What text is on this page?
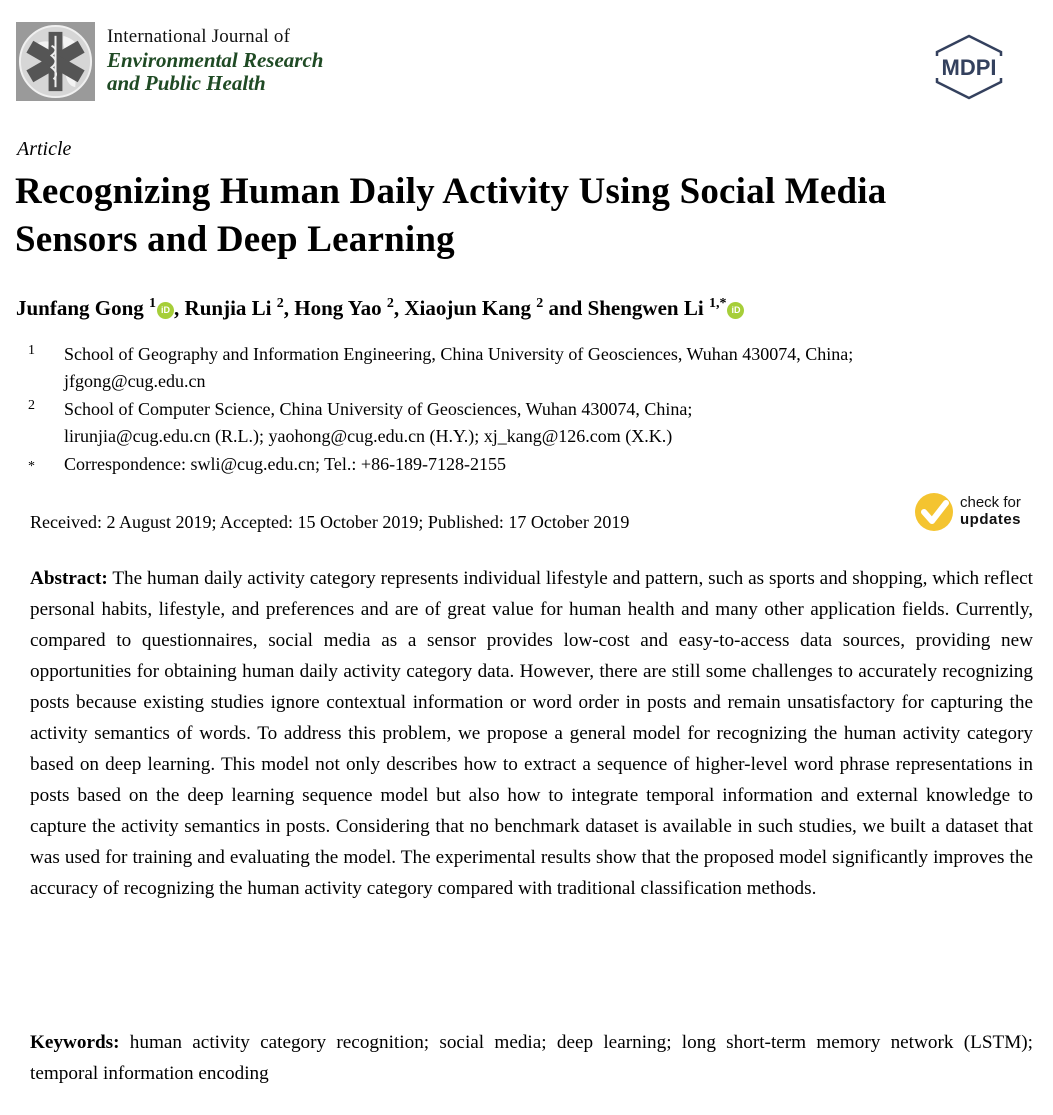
International Journal of
Environmental Research
and Public Health
MDPI
Article
Recognizing Human Daily Activity Using Social Media Sensors and Deep Learning
Junfang Gong $^1$ iD , Runjia Li $^2$, Hong Yao $^2$, Xiaojun Kang $^2$ and Shengwen Li $^{1,*}$ iD
1 School of Geography and Information Engineering, China University of Geosciences, Wuhan 430074, China;
jfgong@cug.edu.cn
2 School of Computer Science, China University of Geosciences, Wuhan 430074, China;
lirunjia@cug.edu.cn (R.L.); yaohong@cug.edu.cn (H.Y.); xj_kang@126.com (X.K.)
* Correspondence: swli@cug.edu.cn; Tel.: +86-189-7128-2155
Received: 2 August 2019; Accepted: 15 October 2019; Published: 17 October 2019
check for
updates
Abstract: The human daily activity category represents individual lifestyle and pattern, such as sports and shopping, which reflect personal habits, lifestyle, and preferences and are of great value for human health and many other application fields. Currently, compared to questionnaires, social media as a sensor provides low-cost and easy-to-access data sources, providing new opportunities for obtaining human daily activity category data. However, there are still some challenges to accurately recognizing posts because existing studies ignore contextual information or word order in posts and remain unsatisfactory for capturing the activity semantics of words. To address this problem, we propose a general model for recognizing the human activity category based on deep learning. This model not only describes how to extract a sequence of higher-level word phrase representations in posts based on the deep learning sequence model but also how to integrate temporal information and external knowledge to capture the activity semantics in posts. Considering that no benchmark dataset is available in such studies, we built a dataset that was used for training and evaluating the model. The experimental results show that the proposed model significantly improves the accuracy of recognizing the human activity category compared with traditional classification methods.
Keywords: human activity category recognition; social media; deep learning; long short-term memory network (LSTM); temporal information encoding
